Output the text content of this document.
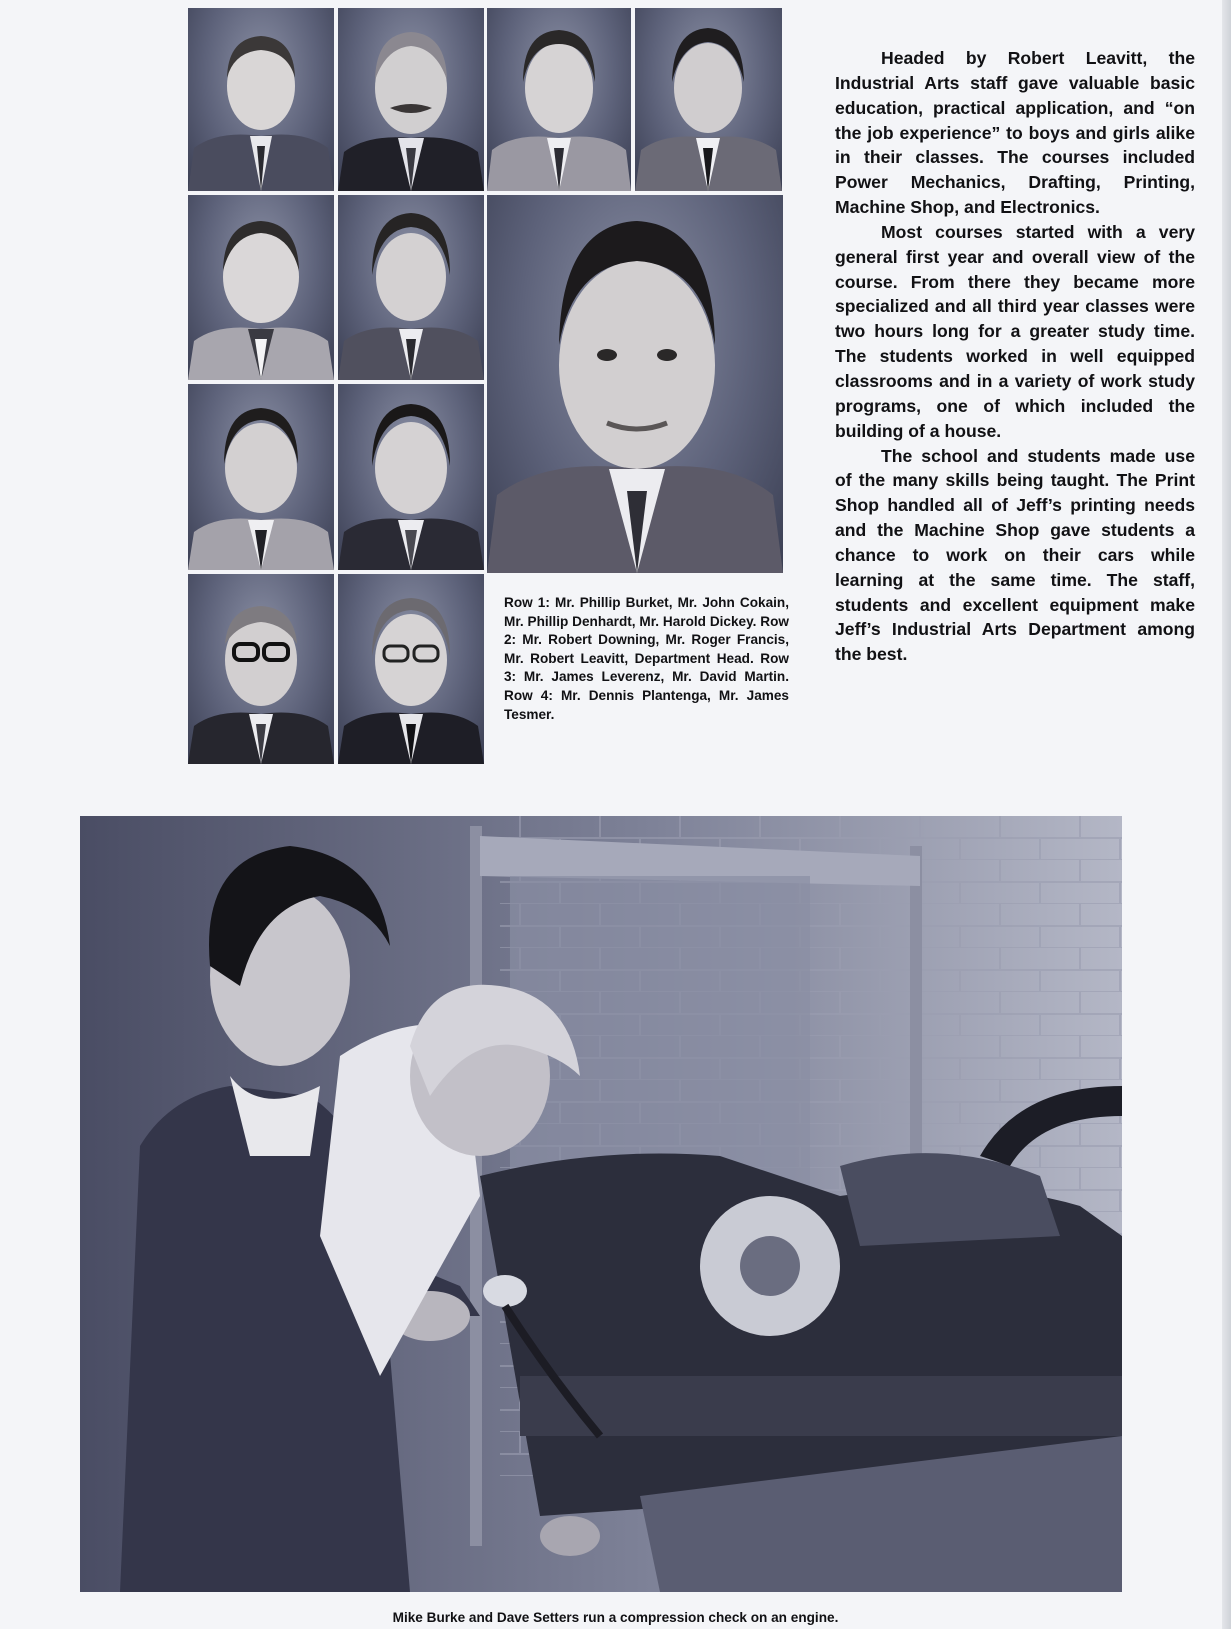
Row 1: Mr. Phillip Burket, Mr. John Cokain, Mr. Phillip Denhardt, Mr. Harold Dickey. Row 2: Mr. Robert Downing, Mr. Roger Francis, Mr. Robert Leavitt, Department Head. Row 3: Mr. James Leverenz, Mr. David Martin. Row 4: Mr. Dennis Plantenga, Mr. James Tesmer.

Headed by Robert Leavitt, the Industrial Arts staff gave valuable basic education, practical application, and “on the job experience” to boys and girls alike in their classes. The courses included Power Mechanics, Drafting, Printing, Machine Shop, and Electronics.

Most courses started with a very general first year and overall view of the course. From there they became more specialized and all third year classes were two hours long for a greater study time. The students worked in well equipped classrooms and in a variety of work study programs, one of which included the building of a house.

The school and students made use of the many skills being taught. The Print Shop handled all of Jeff’s printing needs and the Machine Shop gave students a chance to work on their cars while learning at the same time. The staff, students and excellent equipment make Jeff’s Industrial Arts Department among the best.

Mike Burke and Dave Setters run a compression check on an engine.
